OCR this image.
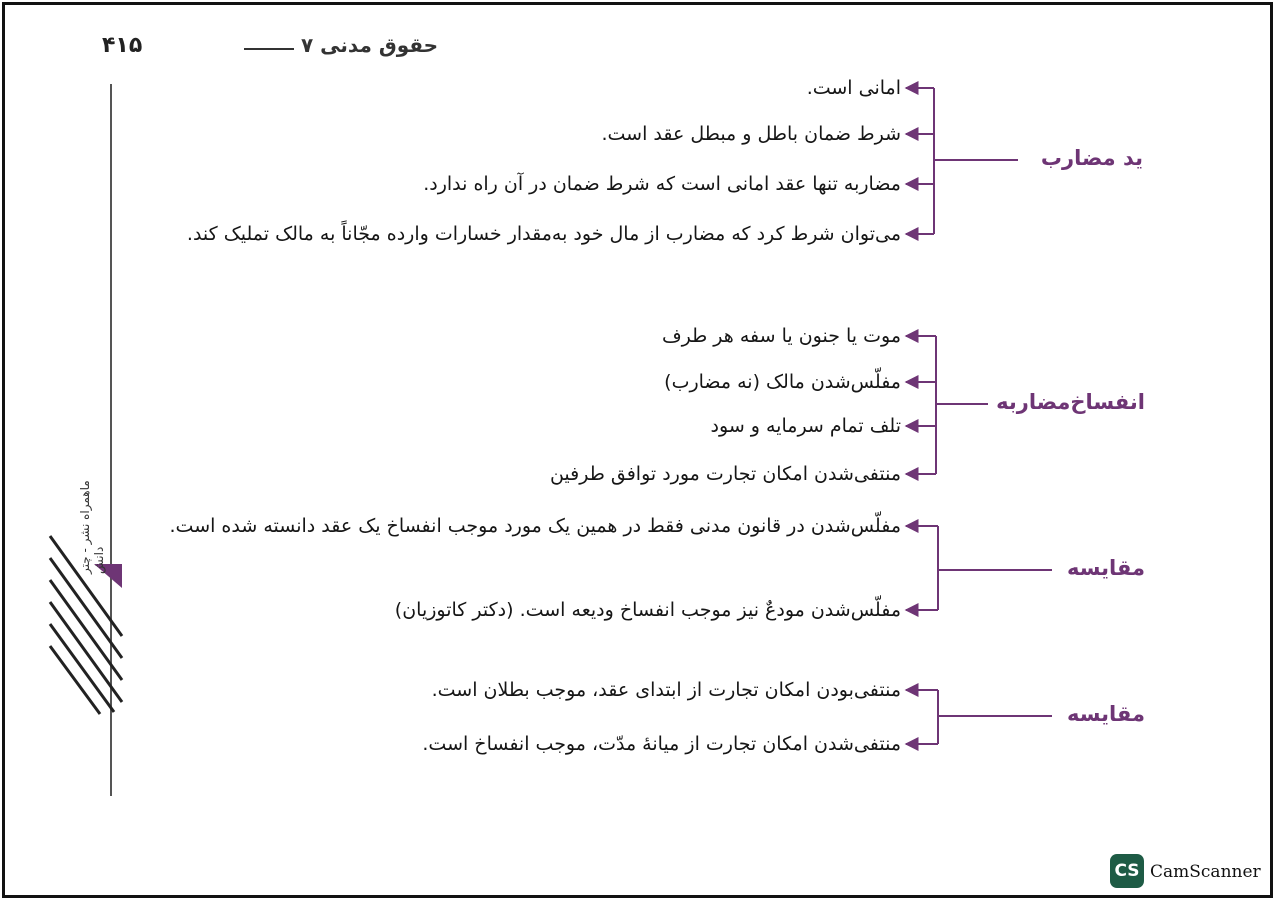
۴۱۵	حقوق مدنی ۷
ماهمراه نشر - چتر دانش
ید مضارب
انفساخ‌مضاربه
مقایسه
مقایسه
امانی است.
شرط ضمان باطل و مبطل عقد است.
مضاربه تنها عقد امانی است که شرط ضمان در آن راه ندارد.
می‌توان شرط کرد که مضارب از مال خود به‌مقدار خسارات وارده مجّاناً به مالک تملیک کند.
موت یا جنون یا سفه هر طرف
مفلّس‌شدن مالک (نه مضارب)
تلف تمام سرمایه و سود
منتفی‌شدن امکان تجارت مورد توافق طرفین
مفلّس‌شدن در قانون مدنی فقط در همین یک مورد موجب انفساخ یک عقد دانسته شده است.
مفلّس‌شدن مودعٌ نیز موجب انفساخ ودیعه است. (دکتر کاتوزیان)
منتفی‌بودن امکان تجارت از ابتدای عقد، موجب بطلان است.
منتفی‌شدن امکان تجارت از میانهٔ مدّت، موجب انفساخ است.
CS CamScanner
